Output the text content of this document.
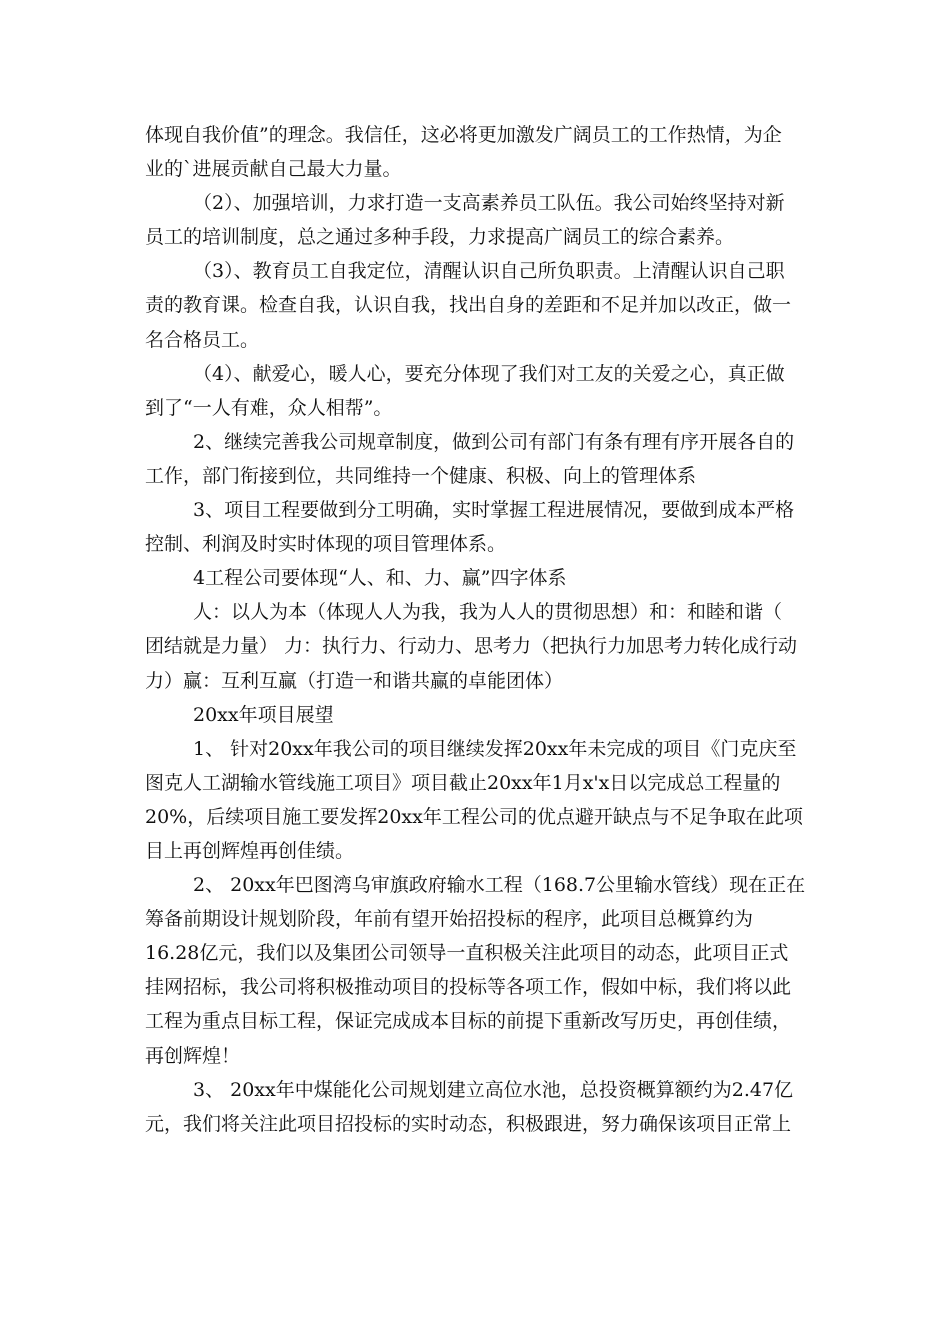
体现自我价值”的理念。我信任，这必将更加激发广阔员工的工作热情，为企
业的`进展贡献自己最大力量。
（2）、加强培训，力求打造一支高素养员工队伍。我公司始终坚持对新
员工的培训制度，总之通过多种手段，力求提高广阔员工的综合素养。
（3）、教育员工自我定位，清醒认识自己所负职责。上清醒认识自己职
责的教育课。检查自我，认识自我，找出自身的差距和不足并加以改正，做一
名合格员工。
（4）、献爱心，暖人心，要充分体现了我们对工友的关爱之心，真正做
到了“一人有难，众人相帮”。
2、继续完善我公司规章制度，做到公司有部门有条有理有序开展各自的
工作，部门衔接到位，共同维持一个健康、积极、向上的管理体系
3、项目工程要做到分工明确，实时掌握工程进展情况，要做到成本严格
控制、利润及时实时体现的项目管理体系。
4工程公司要体现“人、和、力、赢”四字体系
人：以人为本（体现人人为我，我为人人的贯彻思想）和：和睦和谐（
团结就是力量） 力：执行力、行动力、思考力（把执行力加思考力转化成行动
力）赢：互利互赢（打造一和谐共赢的卓能团体）
20xx年项目展望
1、 针对20xx年我公司的项目继续发挥20xx年未完成的项目《门克庆至
图克人工湖输水管线施工项目》项目截止20xx年1月x'x日以完成总工程量的
20%，后续项目施工要发挥20xx年工程公司的优点避开缺点与不足争取在此项
目上再创辉煌再创佳绩。
2、 20xx年巴图湾乌审旗政府输水工程（168.7公里输水管线）现在正在
筹备前期设计规划阶段，年前有望开始招投标的程序，此项目总概算约为
16.28亿元，我们以及集团公司领导一直积极关注此项目的动态，此项目正式
挂网招标，我公司将积极推动项目的投标等各项工作，假如中标，我们将以此
工程为重点目标工程，保证完成成本目标的前提下重新改写历史，再创佳绩，
再创辉煌！
3、 20xx年中煤能化公司规划建立高位水池，总投资概算额约为2.47亿
元，我们将关注此项目招投标的实时动态，积极跟进，努力确保该项目正常上
